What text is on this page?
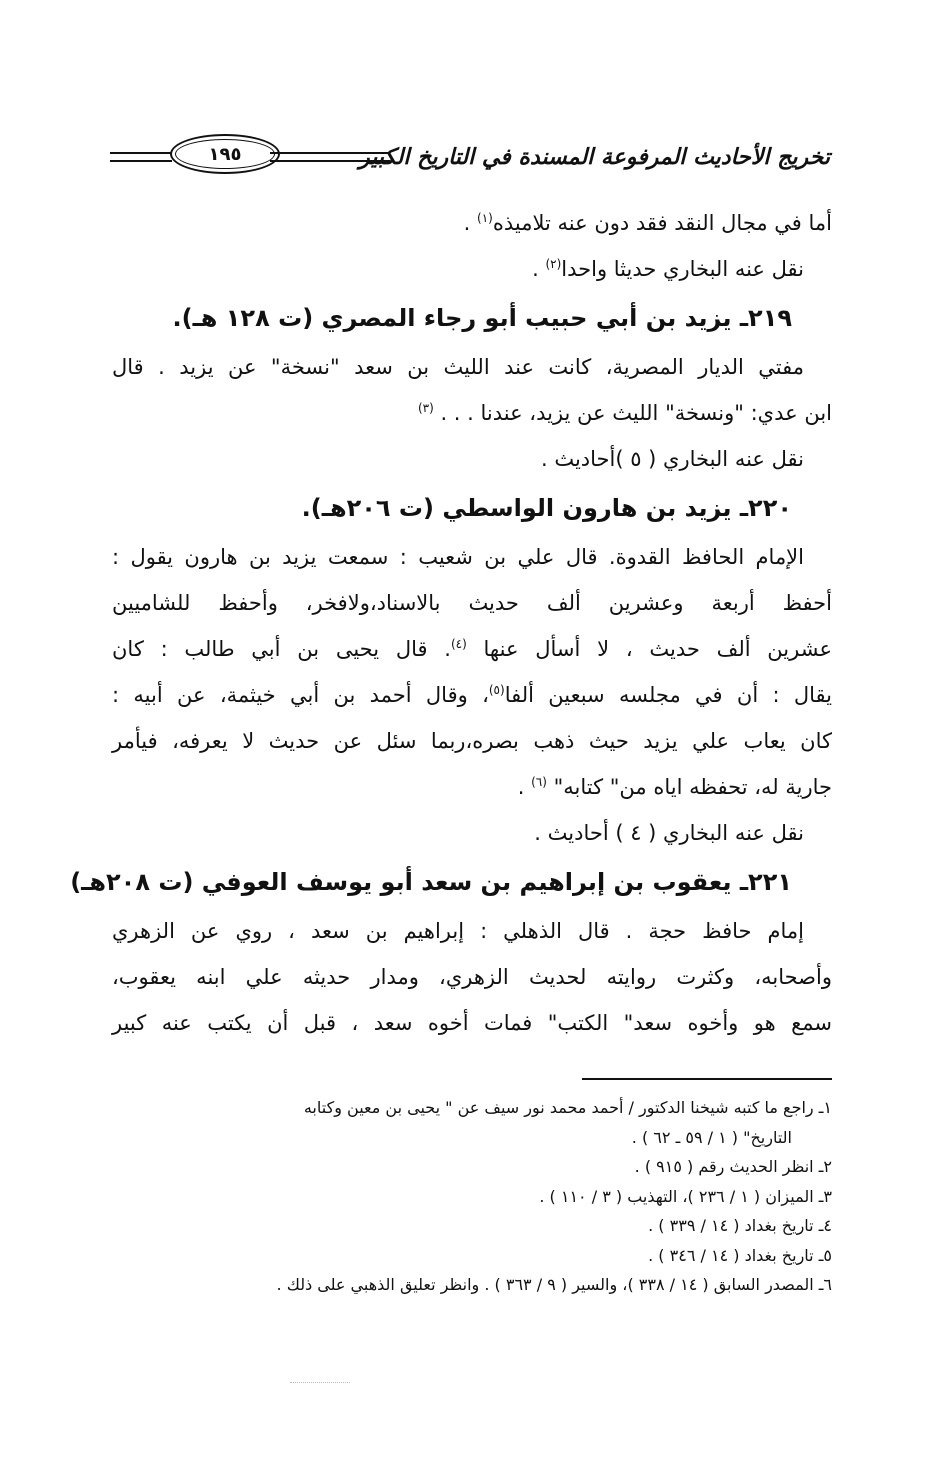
تخريج الأحاديث المرفوعة المسندة في التاريخ الكبير
١٩٥
أما في مجال النقد فقد دون عنه تلاميذه$^{(١)}$ .
نقل عنه البخاري حديثا واحدا$^{(٢)}$ .
٢١٩ـ يزيد بن أبي حبيب أبو رجاء المصري (ت ١٢٨ هـ).
مفتي الديار المصرية، كانت عند الليث بن سعد "نسخة" عن يزيد . قال
ابن عدي: "ونسخة" الليث عن يزيد، عندنا . . . $^{(٣)}$
نقل عنه البخاري ( ٥ )أحاديث .
٢٢٠ـ يزيد بن هارون الواسطي (ت ٢٠٦هـ).
الإمام الحافظ القدوة. قال علي بن شعيب : سمعت يزيد بن هارون يقول :
أحفظ أربعة وعشرين ألف حديث بالاسناد،ولافخر، وأحفظ للشاميين
عشرين ألف حديث ، لا أسأل عنها $^{(٤)}$. قال يحيى بن أبي طالب : كان
يقال : أن في مجلسه سبعين ألفا$^{(٥)}$، وقال أحمد بن أبي خيثمة، عن أبيه :
كان يعاب علي يزيد حيث ذهب بصره،ربما سئل عن حديث لا يعرفه، فيأمر
جارية له، تحفظه اياه من" كتابه" $^{(٦)}$ .
نقل عنه البخاري ( ٤ ) أحاديث .
٢٢١ـ يعقوب بن إبراهيم بن سعد أبو يوسف العوفي (ت ٢٠٨هـ)
إمام حافظ حجة . قال الذهلي : إبراهيم بن سعد ، روي عن الزهري
وأصحابه، وكثرت روايته لحديث الزهري، ومدار حديثه علي ابنه يعقوب،
سمع هو وأخوه سعد" الكتب" فمات أخوه سعد ، قبل أن يكتب عنه كبير
١ـ راجع ما كتبه شيخنا الدكتور / أحمد محمد نور سيف عن " يحيى بن معين وكتابه
التاريخ" ( ١ / ٥٩ ـ ٦٢ ) .
٢ـ انظر الحديث رقم ( ٩١٥ ) .
٣ـ الميزان ( ١ / ٢٣٦ )، التهذيب ( ٣ / ١١٠ ) .
٤ـ تاريخ بغداد ( ١٤ / ٣٣٩ ) .
٥ـ تاريخ بغداد ( ١٤ / ٣٤٦ ) .
٦ـ المصدر السابق ( ١٤ / ٣٣٨ )، والسير ( ٩ / ٣٦٣ ) . وانظر تعليق الذهبي على ذلك .
